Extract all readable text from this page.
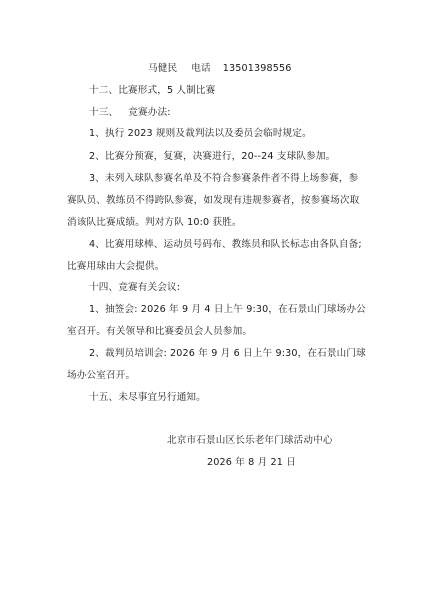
马健民 电话 13501398556
十二、比赛形式，5 人制比赛
十三、 竞赛办法:
1、执行 2023 规则及裁判法以及委员会临时规定。
2、比赛分预赛，复赛，决赛进行，20--24 支球队参加。
3、未列入球队参赛名单及不符合参赛条件者不得上场参赛，参
赛队员、教练员不得跨队参赛，如发现有违规参赛者，按参赛场次取
消该队比赛成绩。判对方队 10:0 获胜。
4、比赛用球棒、运动员号码布、教练员和队长标志由各队自备;
比赛用球由大会提供。
十四、竞赛有关会议:
1、抽签会: 2026 年 9 月 4 日上午 9:30，在石景山门球场办公
室召开。有关领导和比赛委员会人员参加。
2、裁判员培训会: 2026 年 9 月 6 日上午 9:30，在石景山门球
场办公室召开。
十五、未尽事宜另行通知。
北京市石景山区长乐老年门球活动中心
2026 年 8 月 21 日
